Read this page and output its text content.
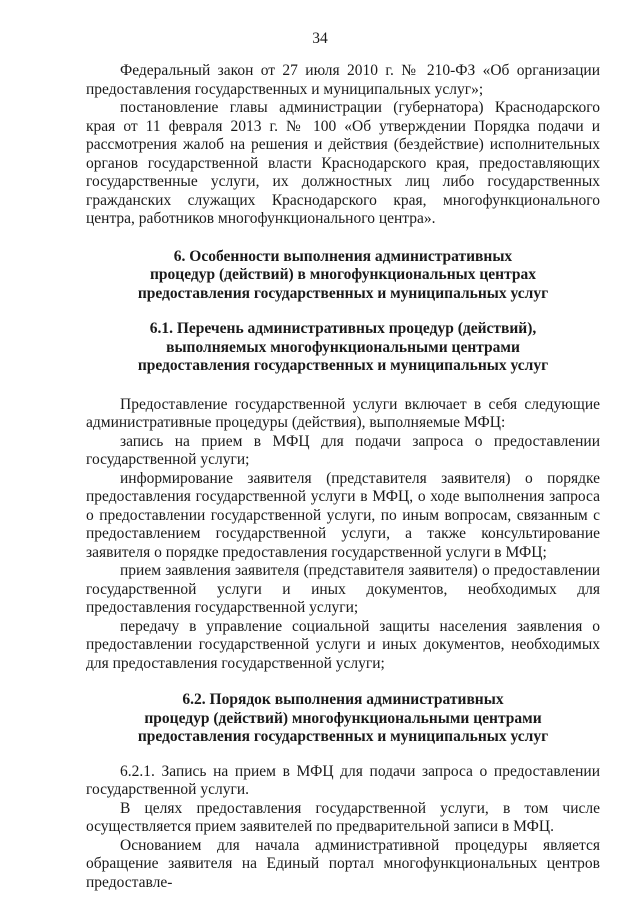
34

Федеральный закон от 27 июля 2010 г. № 210-ФЗ «Об организации предоставления государственных и муниципальных услуг»;

постановление главы администрации (губернатора) Краснодарского края от 11 февраля 2013 г. № 100 «Об утверждении Порядка подачи и рассмотрения жалоб на решения и действия (бездействие) исполнительных органов государственной власти Краснодарского края, предоставляющих государственные услуги, их должностных лиц либо государственных гражданских служащих Краснодарского края, многофункционального центра, работников многофункционального центра».

6. Особенности выполнения административных
процедур (действий) в многофункциональных центрах
предоставления государственных и муниципальных услуг
6.1. Перечень административных процедур (действий),
выполняемых многофункциональными центрами
предоставления государственных и муниципальных услуг

Предоставление государственной услуги включает в себя следующие административные процедуры (действия), выполняемые МФЦ:

запись на прием в МФЦ для подачи запроса о предоставлении государственной услуги;

информирование заявителя (представителя заявителя) о порядке предоставления государственной услуги в МФЦ, о ходе выполнения запроса о предоставлении государственной услуги, по иным вопросам, связанным с предоставлением государственной услуги, а также консультирование заявителя о порядке предоставления государственной услуги в МФЦ;

прием заявления заявителя (представителя заявителя) о предоставлении государственной услуги и иных документов, необходимых для предоставления государственной услуги;

передачу в управление социальной защиты населения заявления о предоставлении государственной услуги и иных документов, необходимых для предоставления государственной услуги;

6.2. Порядок выполнения административных
процедур (действий) многофункциональными центрами
предоставления государственных и муниципальных услуг

6.2.1. Запись на прием в МФЦ для подачи запроса о предоставлении государственной услуги.

В целях предоставления государственной услуги, в том числе осуществляется прием заявителей по предварительной записи в МФЦ.

Основанием для начала административной процедуры является обращение заявителя на Единый портал многофункциональных центров предоставле-
